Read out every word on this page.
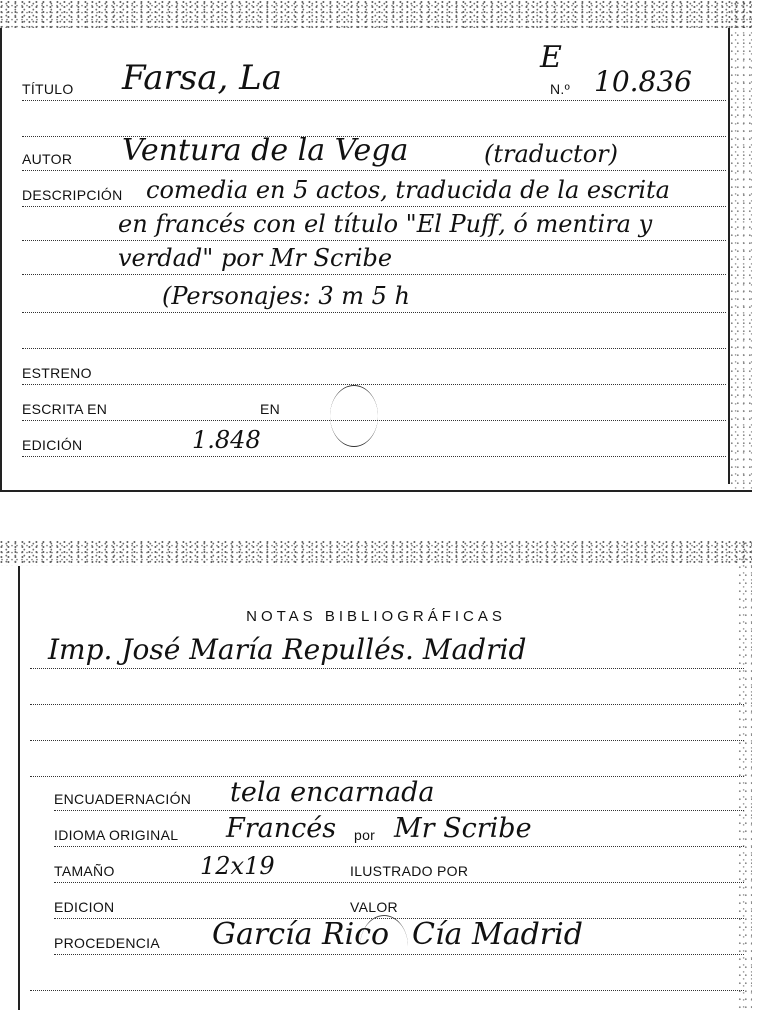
E
TÍTULO Farsa, La	N.º 10.836
AUTOR Ventura de la Vega	(traductor)
DESCRIPCIÓN comedia en 5 actos, traducida de la escrita
en francés con el título "El Puff, ó mentira y
verdad" por Mr Scribe
(Personajes: 3 m 5 h
ESTRENO
ESCRITA EN	EN
EDICIÓN	1.848
NOTAS BIBLIOGRÁFICAS
Imp. José María Repullés. Madrid
ENCUADERNACIÓN tela encarnada
IDIOMA ORIGINAL Francés por Mr Scribe
TAMAÑO	12x19	ILUSTRADO POR
EDICION	VALOR
PROCEDENCIA García Rico Cía Madrid
